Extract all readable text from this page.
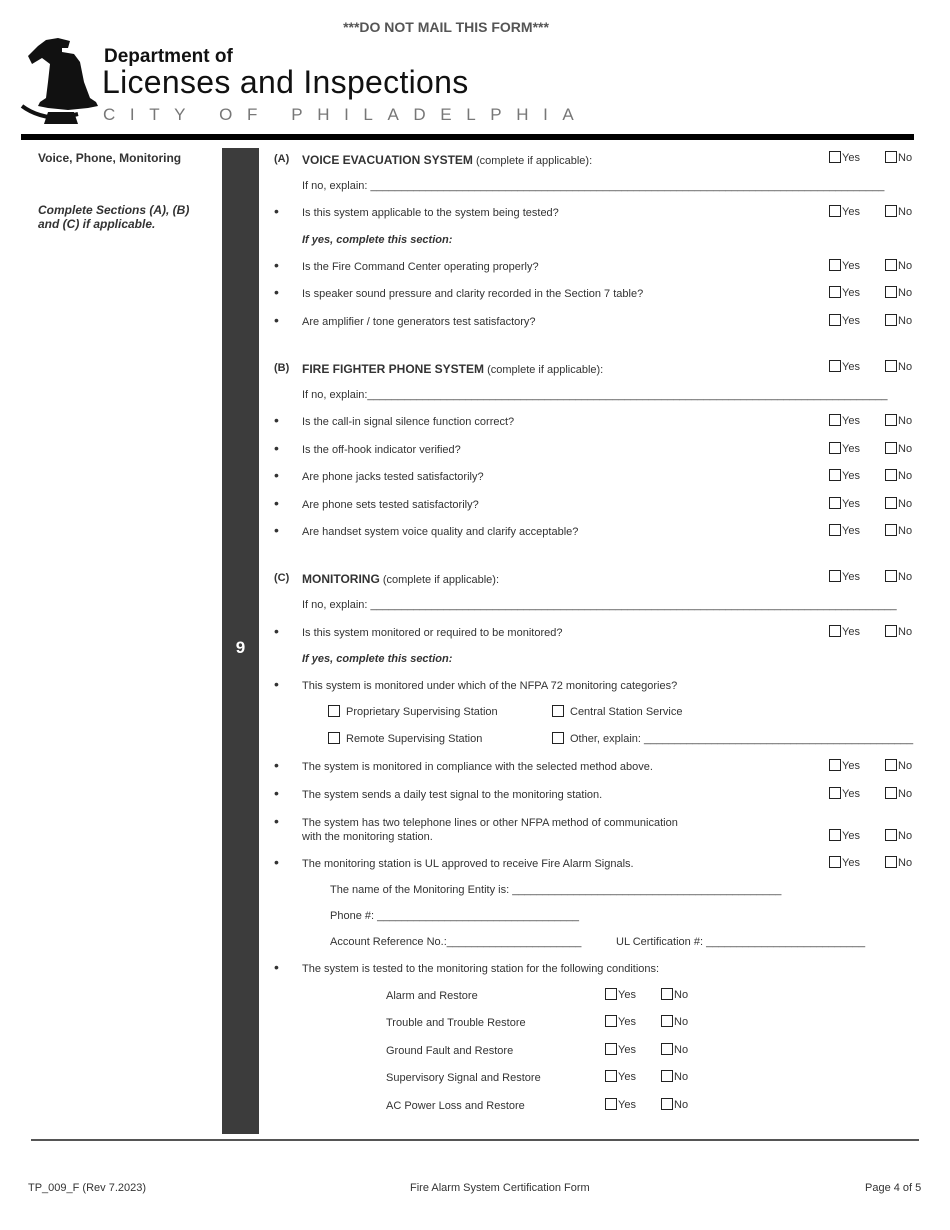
***DO NOT MAIL THIS FORM***
Department of
Licenses and Inspections
CITY OF PHILADELPHIA
Voice, Phone, Monitoring
Complete Sections (A), (B) and (C) if applicable.
9
(A) VOICE EVACUATION SYSTEM (complete if applicable):	Yes	No
If no, explain: ____________________________________________________________________________________
• Is this system applicable to the system being tested?	Yes	No
If yes, complete this section:
• Is the Fire Command Center operating properly?	Yes	No
• Is speaker sound pressure and clarity recorded in the Section 7 table?	Yes	No
• Are amplifier / tone generators test satisfactory?	Yes	No
(B) FIRE FIGHTER PHONE SYSTEM (complete if applicable):	Yes	No
If no, explain:_____________________________________________________________________________________
• Is the call-in signal silence function correct?	Yes	No
• Is the off-hook indicator verified?	Yes	No
• Are phone jacks tested satisfactorily?	Yes	No
• Are phone sets tested satisfactorily?	Yes	No
• Are handset system voice quality and clarify acceptable?	Yes	No
(C) MONITORING (complete if applicable):	Yes	No
If no, explain: ______________________________________________________________________________________
• Is this system monitored or required to be monitored?	Yes	No
If yes, complete this section:
• This system is monitored under which of the NFPA 72 monitoring categories?
Proprietary Supervising Station	Central Station Service
Remote Supervising Station	Other, explain: ____________________________________________
• The system is monitored in compliance with the selected method above.	Yes	No
• The system sends a daily test signal to the monitoring station.	Yes	No
• The system has two telephone lines or other NFPA method of communication
with the monitoring station.	Yes	No
• The monitoring station is UL approved to receive Fire Alarm Signals.	Yes	No
The name of the Monitoring Entity is: ____________________________________________
Phone #: _________________________________
Account Reference No.:______________________	UL Certification #: __________________________
• The system is tested to the monitoring station for the following conditions:
Alarm and Restore	Yes	No
Trouble and Trouble Restore	Yes	No
Ground Fault and Restore	Yes	No
Supervisory Signal and Restore	Yes	No
AC Power Loss and Restore	Yes	No
TP_009_F (Rev 7.2023)	Fire Alarm System Certification Form	Page 4 of 5
